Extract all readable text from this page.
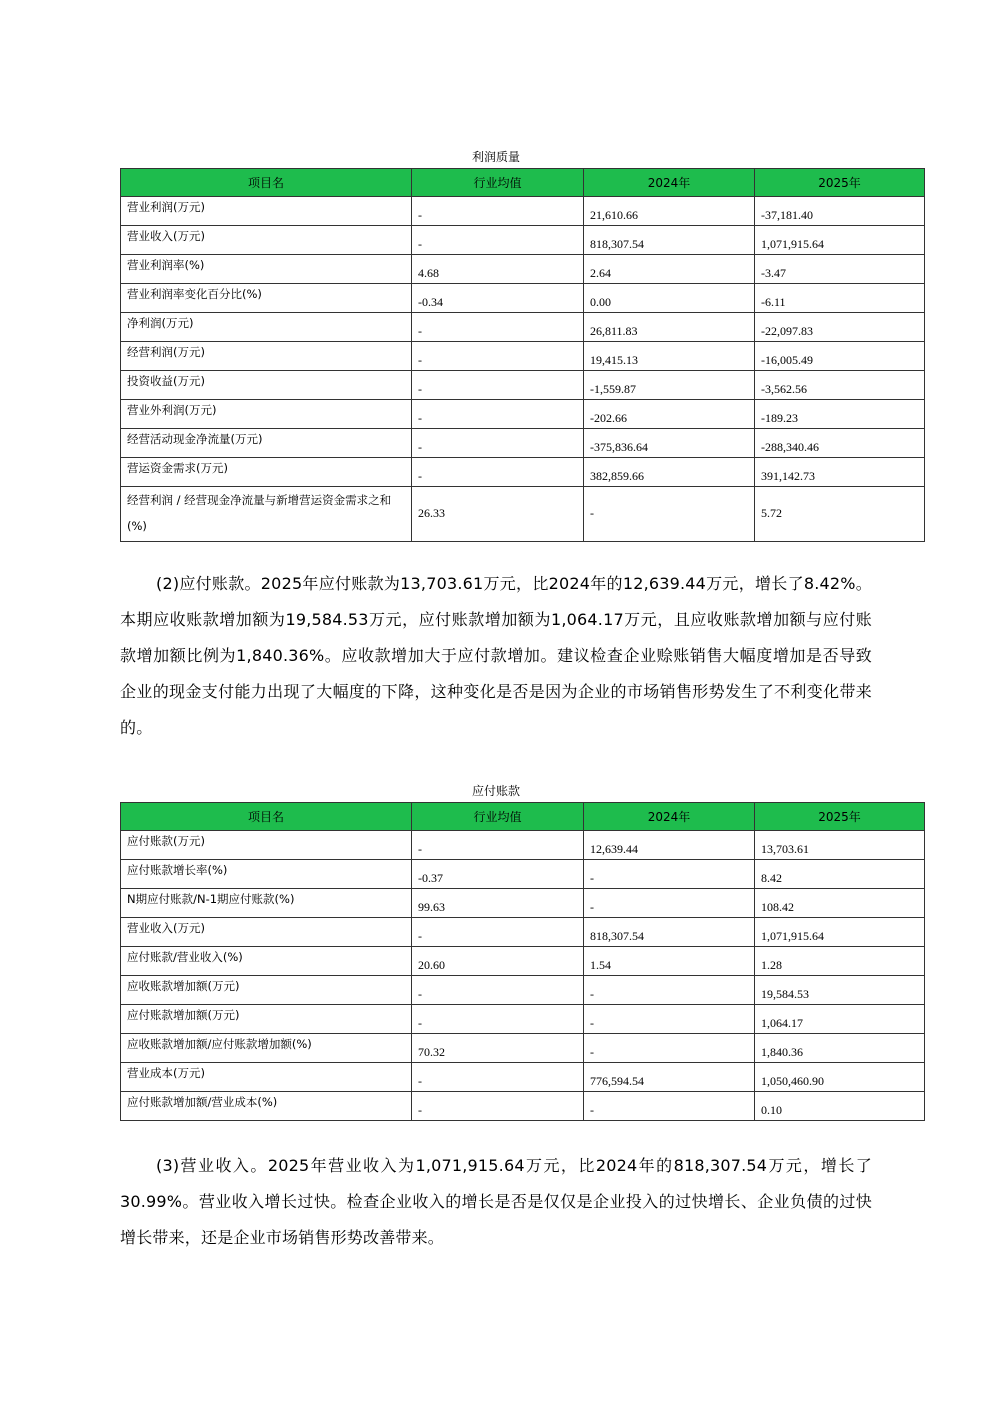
利润质量
项目名	行业均值	2024年	2025年
营业利润(万元)	-	21,610.66	-37,181.40
营业收入(万元)	-	818,307.54	1,071,915.64
营业利润率(%)	4.68	2.64	-3.47
营业利润率变化百分比(%)	-0.34	0.00	-6.11
净利润(万元)	-	26,811.83	-22,097.83
经营利润(万元)	-	19,415.13	-16,005.49
投资收益(万元)	-	-1,559.87	-3,562.56
营业外利润(万元)	-	-202.66	-189.23
经营活动现金净流量(万元)	-	-375,836.64	-288,340.46
营运资金需求(万元)	-	382,859.66	391,142.73
经营利润 / 经营现金净流量与新增营运资金需求之和(%)	26.33	-	5.72
(2)应付账款。2025年应付账款为13,703.61万元，比2024年的12,639.44万元，增长了8.42%。本期应收账款增加额为19,584.53万元，应付账款增加额为1,064.17万元，且应收账款增加额与应付账款增加额比例为1,840.36%。应收款增加大于应付款增加。建议检查企业赊账销售大幅度增加是否导致企业的现金支付能力出现了大幅度的下降，这种变化是否是因为企业的市场销售形势发生了不利变化带来的。
应付账款
项目名	行业均值	2024年	2025年
应付账款(万元)	-	12,639.44	13,703.61
应付账款增长率(%)	-0.37	-	8.42
N期应付账款/N-1期应付账款(%)	99.63	-	108.42
营业收入(万元)	-	818,307.54	1,071,915.64
应付账款/营业收入(%)	20.60	1.54	1.28
应收账款增加额(万元)	-	-	19,584.53
应付账款增加额(万元)	-	-	1,064.17
应收账款增加额/应付账款增加额(%)	70.32	-	1,840.36
营业成本(万元)	-	776,594.54	1,050,460.90
应付账款增加额/营业成本(%)	-	-	0.10
(3)营业收入。2025年营业收入为1,071,915.64万元，比2024年的818,307.54万元，增长了30.99%。营业收入增长过快。检查企业收入的增长是否是仅仅是企业投入的过快增长、企业负债的过快增长带来，还是企业市场销售形势改善带来。
